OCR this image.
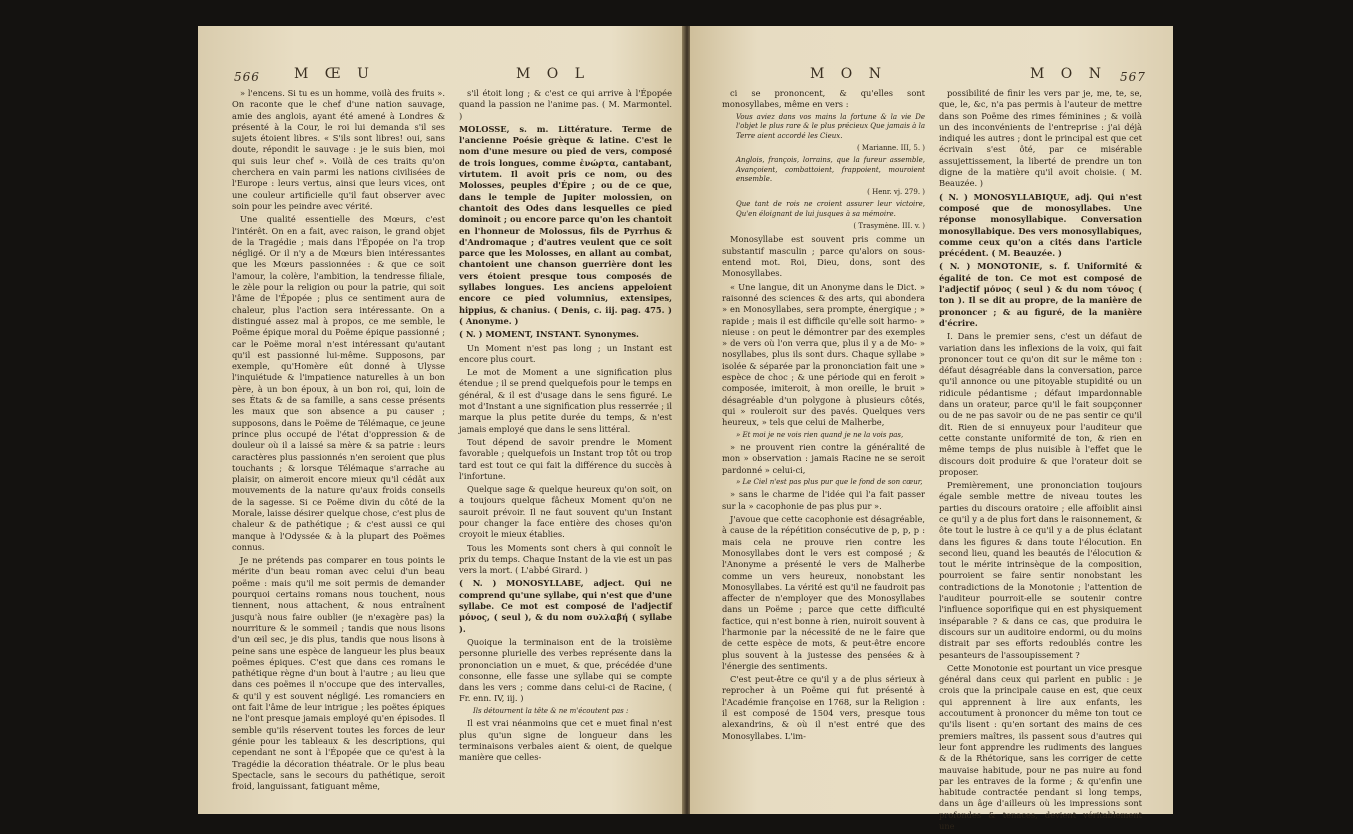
566 M Œ U	M O L

» l'encens. Si tu es un homme, voilà des fruits ». On raconte que le chef d'une nation sauvage, amie des anglois, ayant été amené à Londres & présenté à la Cour, le roi lui demanda s'il ses sujets étoient libres. « S'ils sont libres! oui, sans doute, répondit le sauvage : je le suis bien, moi qui suis leur chef ». Voilà de ces traits qu'on cherchera en vain parmi les nations civilisées de l'Europe : leurs vertus, ainsi que leurs vices, ont une couleur artificielle qu'il faut observer avec soin pour les peindre avec vérité.

Une qualité essentielle des Mœurs, c'est l'intérêt. On en a fait, avec raison, le grand objet de la Tragédie ; mais dans l'Épopée on l'a trop négligé. Or il n'y a de Mœurs bien intéressantes que les Mœurs passionnées : & que ce soit l'amour, la colère, l'ambition, la tendresse filiale, le zèle pour la religion ou pour la patrie, qui soit l'âme de l'Épopée ; plus ce sentiment aura de chaleur, plus l'action sera intéressante. On a distingué assez mal à propos, ce me semble, le Poëme épique moral du Poëme épique passionné ; car le Poëme moral n'est intéressant qu'autant qu'il est passionné lui-même. Supposons, par exemple, qu'Homère eût donné à Ulysse l'inquiétude & l'impatience naturelles à un bon père, à un bon époux, à un bon roi, qui, loin de ses États & de sa famille, a sans cesse présents les maux que son absence a pu causer ; supposons, dans le Poëme de Télémaque, ce jeune prince plus occupé de l'état d'oppression & de douleur où il a laissé sa mère & sa patrie : leurs caractères plus passionnés n'en seroient que plus touchants ; & lorsque Télémaque s'arrache au plaisir, on aimeroit encore mieux qu'il cédât aux mouvements de la nature qu'aux froids conseils de la sagesse. Si ce Poëme divin du côté de la Morale, laisse désirer quelque chose, c'est plus de chaleur & de pathétique ; & c'est aussi ce qui manque à l'Odyssée & à la plupart des Poëmes connus.

Je ne prétends pas comparer en tous points le mérite d'un beau roman avec celui d'un beau poëme : mais qu'il me soit permis de demander pourquoi certains romans nous touchent, nous tiennent, nous attachent, & nous entraînent jusqu'à nous faire oublier (je n'exagère pas) la nourriture & le sommeil ; tandis que nous lisons d'un œil sec, je dis plus, tandis que nous lisons à peine sans une espèce de langueur les plus beaux poëmes épiques. C'est que dans ces romans le pathétique règne d'un bout à l'autre ; au lieu que dans ces poëmes il n'occupe que des intervalles, & qu'il y est souvent négligé. Les romanciers en ont fait l'âme de leur intrigue ; les poëtes épiques ne l'ont presque jamais employé qu'en épisodes. Il semble qu'ils réservent toutes les forces de leur génie pour les tableaux & les descriptions, qui cependant ne sont à l'Épopée que ce qu'est à la Tragédie la décoration théatrale. Or le plus beau Spectacle, sans le secours du pathétique, seroit froid, languissant, fatiguant même,

s'il étoit long ; & c'est ce qui arrive à l'Épopée quand la passion ne l'anime pas. ( M. Marmontel. )

MOLOSSE, s. m. Littérature. Terme de l'ancienne Poésie grèque & latine. C'est le nom d'une mesure ou pied de vers, composé de trois longues, comme ἐνώρτα, cantabant, virtutem. Il avoit pris ce nom, ou des Molosses, peuples d'Épire ; ou de ce que, dans le temple de Jupiter molossien, on chantoit des Odes dans lesquelles ce pied dominoit ; ou encore parce qu'on les chantoit en l'honneur de Molossus, fils de Pyrrhus & d'Andromaque ; d'autres veulent que ce soit parce que les Molosses, en allant au combat, chantoient une chanson guerrière dont les vers étoient presque tous composés de syllabes longues. Les anciens appeloient encore ce pied volumnius, extensipes, hippius, & chanius. ( Denis, c. iij. pag. 475. ) ( Anonyme. )

( N. ) MOMENT, INSTANT. Synonymes.

Un Moment n'est pas long ; un Instant est encore plus court.

Le mot de Moment a une signification plus étendue ; il se prend quelquefois pour le temps en général, & il est d'usage dans le sens figuré. Le mot d'Instant a une signification plus resserrée ; il marque la plus petite durée du temps, & n'est jamais employé que dans le sens littéral.

Tout dépend de savoir prendre le Moment favorable ; quelquefois un Instant trop tôt ou trop tard est tout ce qui fait la différence du succès à l'infortune.

Quelque sage & quelque heureux qu'on soit, on a toujours quelque fâcheux Moment qu'on ne sauroit prévoir. Il ne faut souvent qu'un Instant pour changer la face entière des choses qu'on croyoit le mieux établies.

Tous les Moments sont chers à qui connoît le prix du temps. Chaque Instant de la vie est un pas vers la mort. ( L'abbé Girard. )

( N. ) MONOSYLLABE, adject. Qui ne comprend qu'une syllabe, qui n'est que d'une syllabe. Ce mot est composé de l'adjectif μόνος, ( seul ), & du nom συλλαβή ( syllabe ).

Quoique la terminaison ent de la troisième personne plurielle des verbes représente dans la prononciation un e muet, & que, précédée d'une consonne, elle fasse une syllabe qui se compte dans les vers ; comme dans celui-ci de Racine, ( Fr. enn. IV, iij. )

Ils détournent la tête & ne m'écoutent pas :

Il est vrai néanmoins que cet e muet final n'est plus qu'un signe de longueur dans les terminaisons verbales aient & oient, de quelque manière que celles-

M O N	M O N 567

ci se prononcent, & qu'elles sont monosyllabes, même en vers :

Vous aviez dans vos mains la fortune & la vie De l'objet le plus rare & le plus précieux Que jamais à la Terre aient accordé les Cieux.

( Marianne. III, 5. )

Anglois, françois, lorrains, que la fureur assemble, Avançoient, combattoient, frappoient, mouroient ensemble.

( Henr. vj. 279. )

Que tant de rois ne croient assurer leur victoire, Qu'en éloignant de lui jusques à sa mémoire.

( Trasymène. III. v. )

Monosyllabe est souvent pris comme un substantif masculin ; parce qu'alors on sous-entend mot. Roi, Dieu, dons, sont des Monosyllabes.

« Une langue, dit un Anonyme dans le Dict. » raisonné des sciences & des arts, qui abondera » en Monosyllabes, sera prompte, énergique ; » rapide ; mais il est difficile qu'elle soit harmo- » nieuse : on peut le démontrer par des exemples » de vers où l'on verra que, plus il y a de Mo- » nosyllabes, plus ils sont durs. Chaque syllabe » isolée & séparée par la prononciation fait une » espèce de choc ; & une période qui en feroit » composée, imiteroit, à mon oreille, le bruit » désagréable d'un polygone à plusieurs côtés, qui » rouleroit sur des pavés. Quelques vers heureux, » tels que celui de Malherbe,

» Et moi je ne vois rien quand je ne la vois pas,

» ne prouvent rien contre la généralité de mon » observation : jamais Racine ne se seroit pardonné » celui-ci,

» Le Ciel n'est pas plus pur que le fond de son cœur,

» sans le charme de l'idée qui l'a fait passer sur la » cacophonie de pas plus pur ».

J'avoue que cette cacophonie est désagréable, à cause de la répétition consécutive de p, p, p : mais cela ne prouve rien contre les Monosyllabes dont le vers est composé ; & l'Anonyme a présenté le vers de Malherbe comme un vers heureux, nonobstant les Monosyllabes. La vérité est qu'il ne faudroit pas affecter de n'employer que des Monosyllabes dans un Poëme ; parce que cette difficulté factice, qui n'est bonne à rien, nuiroit souvent à l'harmonie par la nécessité de ne le faire que de cette espèce de mots, & peut-être encore plus souvent à la justesse des pensées & à l'énergie des sentiments.

C'est peut-être ce qu'il y a de plus sérieux à reprocher à un Poëme qui fut présenté à l'Académie françoise en 1768, sur la Religion : il est composé de 1504 vers, presque tous alexandrins, & où il n'est entré que des Monosyllabes. L'im-

possibilité de finir les vers par je, me, te, se, que, le, &c, n'a pas permis à l'auteur de mettre dans son Poëme des rimes féminines ; & voilà un des inconvénients de l'entreprise : j'ai déjà indiqué les autres ; dont le principal est que cet écrivain s'est ôté, par ce misérable assujettissement, la liberté de prendre un ton digne de la matière qu'il avoit choisie. ( M. Beauzée. )

( N. ) MONOSYLLABIQUE, adj. Qui n'est composé que de monosyllabes. Une réponse monosyllabique. Conversation monosyllabique. Des vers monosyllabiques, comme ceux qu'on a cités dans l'article précédent. ( M. Beauzée. )

( N. ) MONOTONIE, s. f. Uniformité & égalité de ton. Ce mot est composé de l'adjectif μόνος ( seul ) & du nom τόνος ( ton ). Il se dit au propre, de la manière de prononcer ; & au figuré, de la manière d'écrire.

I. Dans le premier sens, c'est un défaut de variation dans les inflexions de la voix, qui fait prononcer tout ce qu'on dit sur le même ton : défaut désagréable dans la conversation, parce qu'il annonce ou une pitoyable stupidité ou un ridicule pédantisme ; défaut impardonnable dans un orateur, parce qu'il le fait soupçonner ou de ne pas savoir ou de ne pas sentir ce qu'il dit. Rien de si ennuyeux pour l'auditeur que cette constante uniformité de ton, & rien en même temps de plus nuisible à l'effet que le discours doit produire & que l'orateur doit se proposer.

Premièrement, une prononciation toujours égale semble mettre de niveau toutes les parties du discours oratoire ; elle affoiblit ainsi ce qu'il y a de plus fort dans le raisonnement, & ôte tout le lustre à ce qu'il y a de plus éclatant dans les figures & dans toute l'élocution. En second lieu, quand les beautés de l'élocution & tout le mérite intrinsèque de la composition, pourroient se faire sentir nonobstant les contradictions de la Monotonie ; l'attention de l'auditeur pourroit-elle se soutenir contre l'influence soporifique qui en est physiquement inséparable ? & dans ce cas, que produira le discours sur un auditoire endormi, ou du moins distrait par ses efforts redoublés contre les pesanteurs de l'assoupissement ?

Cette Monotonie est pourtant un vice presque général dans ceux qui parlent en public : je crois que la principale cause en est, que ceux qui apprennent à lire aux enfants, les accoutument à prononcer du même ton tout ce qu'ils lisent : qu'en sortant des mains de ces premiers maîtres, ils passent sous d'autres qui leur font apprendre les rudiments des langues & de la Rhétorique, sans les corriger de cette mauvaise habitude, pour ne pas nuire au fond par les entraves de la forme ; & qu'enfin une habitude contractée pendant si long temps, dans un âge d'ailleurs où les impressions sont profondes & tenaces, devient véritablement une
